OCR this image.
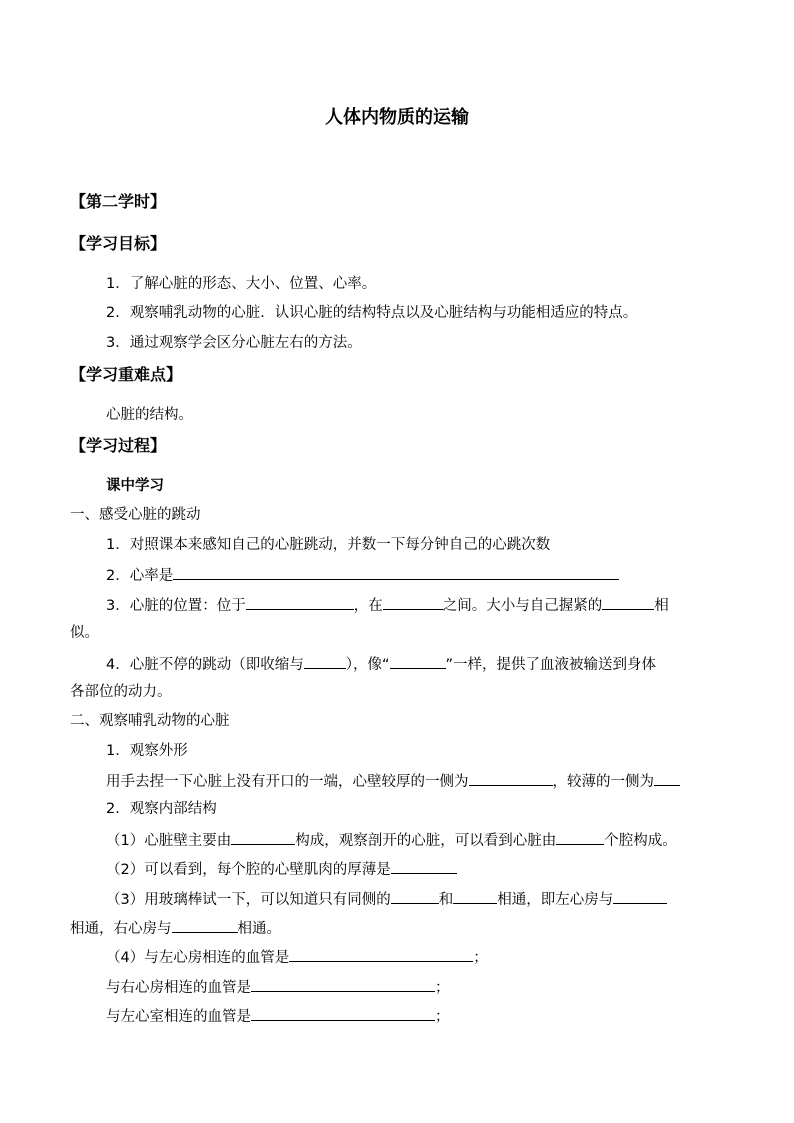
人体内物质的运输
【第二学时】
【学习目标】
1．了解心脏的形态、大小、位置、心率。
2．观察哺乳动物的心脏．认识心脏的结构特点以及心脏结构与功能相适应的特点。
3．通过观察学会区分心脏左右的方法。
【学习重难点】
心脏的结构。
【学习过程】
课中学习
一、感受心脏的跳动
1．对照课本来感知自己的心脏跳动，并数一下每分钟自己的心跳次数
2．心率是
3．心脏的位置：位于	，在	之间。大小与自己握紧的	相
似。
4．心脏不停的跳动（即收缩与	），像“	”一样，提供了血液被输送到身体
各部位的动力。
二、观察哺乳动物的心脏
1．观察外形
用手去捏一下心脏上没有开口的一端，心壁较厚的一侧为	，较薄的一侧为
2．观察内部结构
（1）心脏壁主要由	构成，观察剖开的心脏，可以看到心脏由	个腔构成。
（2）可以看到，每个腔的心壁肌肉的厚薄是
（3）用玻璃棒试一下，可以知道只有同侧的	和	相通，即左心房与
相通，右心房与	相通。
（4）与左心房相连的血管是	；
与右心房相连的血管是	；
与左心室相连的血管是	；
